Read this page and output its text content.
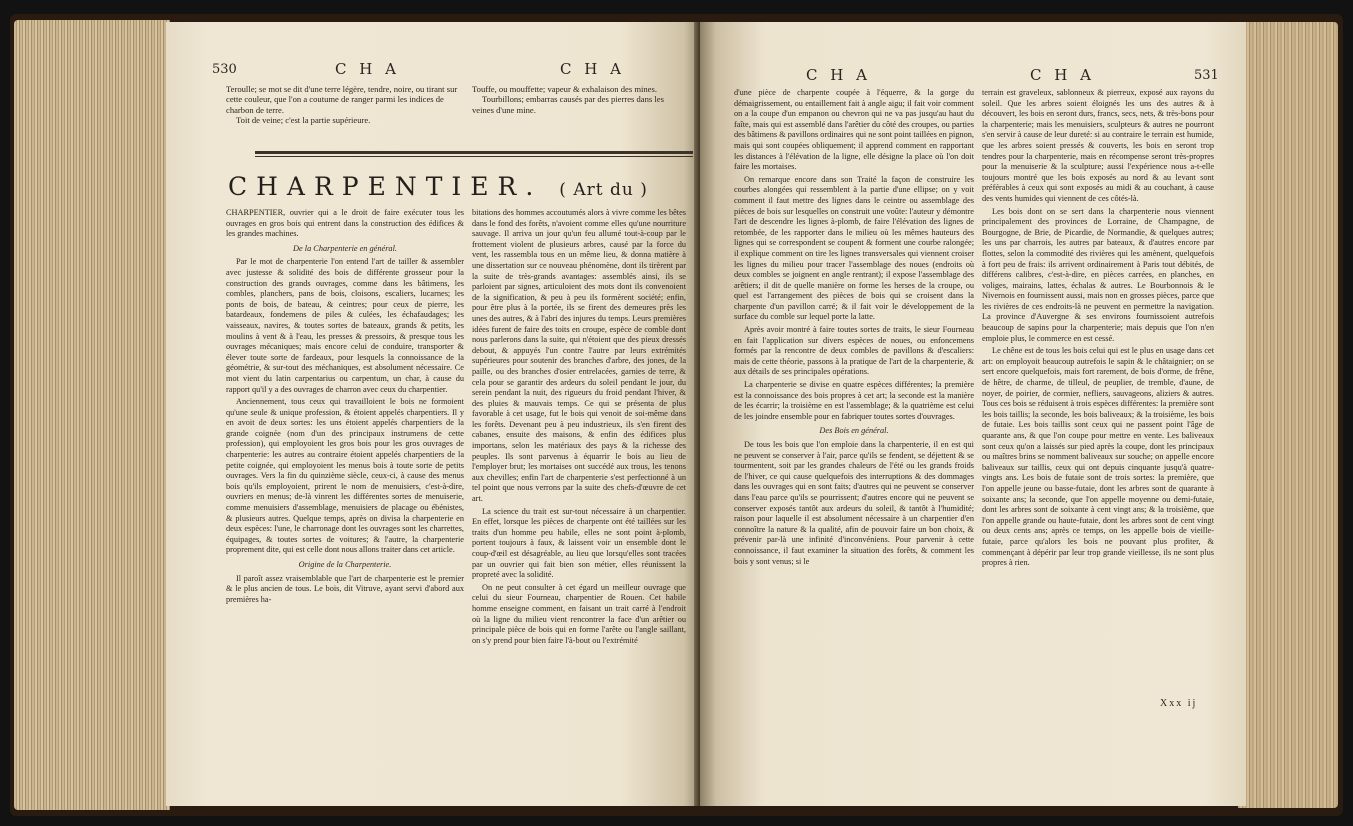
530	C H A	C H A

Teroulle; se mot se dit d'une terre légère, tendre, noire, ou tirant sur cette couleur, que l'on a coutume de ranger parmi les indices de charbon de terre.

Toit de veine; c'est la partie supérieure.

Touffe, ou mouffette; vapeur & exhalaison des mines.

Tourbillons; embarras causés par des pierres dans les veines d'une mine.

CHARPENTIER. ( Art du )

CHARPENTIER, ouvrier qui a le droit de faire exécuter tous les ouvrages en gros bois qui entrent dans la construction des édifices & les grandes machines.

De la Charpenterie en général.

Par le mot de charpenterie l'on entend l'art de tailler & assembler avec justesse & solidité des bois de différente grosseur pour la construction des grands ouvrages, comme dans les bâtimens, les combles, planchers, pans de bois, cloisons, escaliers, lucarnes; les ponts de bois, de bateau, & ceintres; pour ceux de pierre, les batardeaux, fondemens de piles & culées, les échafaudages; les vaisseaux, navires, & toutes sortes de bateaux, grands & petits, les moulins à vent & à l'eau, les presses & pressoirs, & presque tous les ouvrages mécaniques; mais encore celui de conduire, transporter & élever toute sorte de fardeaux, pour lesquels la connoissance de la géométrie, & sur-tout des méchaniques, est absolument nécessaire. Ce mot vient du latin carpentarius ou carpentum, un char, à cause du rapport qu'il y a des ouvrages de charron avec ceux du charpentier.

Anciennement, tous ceux qui travailloient le bois ne formoient qu'une seule & unique profession, & étoient appelés charpentiers. Il y en avoit de deux sortes: les uns étoient appelés charpentiers de la grande coignée (nom d'un des principaux instrumens de cette profession), qui employoient les gros bois pour les gros ouvrages de charpenterie: les autres au contraire étoient appelés charpentiers de la petite coignée, qui employoient les menus bois à toute sorte de petits ouvrages. Vers la fin du quinzième siècle, ceux-ci, à cause des menus bois qu'ils employoient, prirent le nom de menuisiers, c'est-à-dire, ouvriers en menus; de-là vinrent les différentes sortes de menuiserie, comme menuisiers d'assemblage, menuisiers de placage ou ébénistes, & plusieurs autres. Quelque temps, après on divisa la charpenterie en deux espèces: l'une, le charronage dont les ouvrages sont les charrettes, équipages, & toutes sortes de voitures; & l'autre, la charpenterie proprement dite, qui est celle dont nous allons traiter dans cet article.

Origine de la Charpenterie.

Il paroît assez vraisemblable que l'art de charpenterie est le premier & le plus ancien de tous. Le bois, dit Vitruve, ayant servi d'abord aux premières ha-

bitations des hommes accoutumés alors à vivre comme les bêtes dans le fond des forêts, n'avoient comme elles qu'une nourriture sauvage. Il arriva un jour qu'un feu allumé tout-à-coup par le frottement violent de plusieurs arbres, causé par la force du vent, les rassembla tous en un même lieu, & donna matière à une dissertation sur ce nouveau phénomène, dont ils tirèrent par la suite de très-grands avantages: assemblés ainsi, ils se parloient par signes, articuloient des mots dont ils convenoient de la signification, & peu à peu ils formèrent société; enfin, pour être plus à la portée, ils se firent des demeures près les unes des autres, & à l'abri des injures du temps. Leurs premières idées furent de faire des toits en croupe, espèce de comble dont nous parlerons dans la suite, qui n'étoient que des pieux dressés debout, & appuyés l'un contre l'autre par leurs extrémités supérieures pour soutenir des branches d'arbre, des jones, de la paille, ou des branches d'osier entrelacées, garnies de terre, & cela pour se garantir des ardeurs du soleil pendant le jour, du serein pendant la nuit, des rigueurs du froid pendant l'hiver, & des pluies & mauvais temps. Ce qui se présenta de plus favorable à cet usage, fut le bois qui venoit de soi-même dans les forêts. Devenant peu à peu industrieux, ils s'en firent des cabanes, ensuite des maisons, & enfin des édifices plus importans, selon les matériaux des pays & la richesse des peuples. Ils sont parvenus à équarrir le bois au lieu de l'employer brut; les mortaises ont succédé aux trous, les tenons aux chevilles; enfin l'art de charpenterie s'est perfectionné à un tel point que nous verrons par la suite des chefs-d'œuvre de cet art.

La science du trait est sur-tout nécessaire à un charpentier. En effet, lorsque les pièces de charpente ont été taillées sur les traits d'un homme peu habile, elles ne sont point à-plomb, portent toujours à faux, & laissent voir un ensemble dont le coup-d'œil est désagréable, au lieu que lorsqu'elles sont tracées par un ouvrier qui fait bien son métier, elles réunissent la propreté avec la solidité.

On ne peut consulter à cet égard un meilleur ouvrage que celui du sieur Fourneau, charpentier de Rouen. Cet habile homme enseigne comment, en faisant un trait carré à l'endroit où la ligne du milieu vient rencontrer la face d'un arêtier ou principale pièce de bois qui en forme l'arête ou l'angle saillant, on s'y prend pour bien faire l'à-bout ou l'extrémité

C H A	C H A	531

d'une pièce de charpente coupée à l'équerre, & la gorge du démaigrissement, ou entaillement fait à angle aigu; il fait voir comment on a la coupe d'un empanon ou chevron qui ne va pas jusqu'au haut du faîte, mais qui est assemblé dans l'arêtier du côté des croupes, ou parties des bâtimens & pavillons ordinaires qui ne sont point taillées en pignon, mais qui sont coupées obliquement; il apprend comment en rapportant les distances à l'élévation de la ligne, elle désigne la place où l'on doit faire les mortaises.

On remarque encore dans son Traité la façon de construire les courbes alongées qui ressemblent à la partie d'une ellipse; on y voit comment il faut mettre des lignes dans le ceintre ou assemblage des pièces de bois sur lesquelles on construit une voûte: l'auteur y démontre l'art de descendre les lignes à-plomb, de faire l'élévation des lignes de retombée, de les rapporter dans le milieu où les mêmes hauteurs des lignes qui se correspondent se coupent & forment une courbe ralongée; il explique comment on tire les lignes transversales qui viennent croiser les lignes du milieu pour tracer l'assemblage des noues (endroits où deux combles se joignent en angle rentrant); il expose l'assemblage des arêtiers; il dit de quelle manière on forme les herses de la croupe, ou quel est l'arrangement des pièces de bois qui se croisent dans la charpente d'un pavillon carré; & il fait voir le développement de la surface du comble sur lequel porte la latte.

Après avoir montré à faire toutes sortes de traits, le sieur Fourneau en fait l'application sur divers espèces de noues, ou enfoncemens formés par la rencontre de deux combles de pavillons & d'escaliers: mais de cette théorie, passons à la pratique de l'art de la charpenterie, & aux détails de ses principales opérations.

La charpenterie se divise en quatre espèces différentes; la première est la connoissance des bois propres à cet art; la seconde est la manière de les écarrir; la troisième en est l'assemblage; & la quatrième est celui de les joindre ensemble pour en fabriquer toutes sortes d'ouvrages.

Des Bois en général.

De tous les bois que l'on emploie dans la charpenterie, il en est qui ne peuvent se conserver à l'air, parce qu'ils se fendent, se déjettent & se tourmentent, soit par les grandes chaleurs de l'été ou les grands froids de l'hiver, ce qui cause quelquefois des interruptions & des dommages dans les ouvrages qui en sont faits; d'autres qui ne peuvent se conserver dans l'eau parce qu'ils se pourrissent; d'autres encore qui ne peuvent se conserver exposés tantôt aux ardeurs du soleil, & tantôt à l'humidité; raison pour laquelle il est absolument nécessaire à un charpentier d'en connoître la nature & la qualité, afin de pouvoir faire un bon choix, & prévenir par-là une infinité d'inconvéniens. Pour parvenir à cette connoissance, il faut examiner la situation des forêts, & comment les bois y sont venus; si le

terrain est graveleux, sablonneux & pierreux, exposé aux rayons du soleil. Que les arbres soient éloignés les uns des autres & à découvert, les bois en seront durs, francs, secs, nets, & très-bons pour la charpenterie; mais les menuisiers, sculpteurs & autres ne pourront s'en servir à cause de leur dureté: si au contraire le terrain est humide, que les arbres soient pressés & couverts, les bois en seront trop tendres pour la charpenterie, mais en récompense seront très-propres pour la menuiserie & la sculpture; aussi l'expérience nous a-t-elle toujours montré que les bois exposés au nord & au levant sont préférables à ceux qui sont exposés au midi & au couchant, à cause des vents humides qui viennent de ces côtés-là.

Les bois dont on se sert dans la charpenterie nous viennent principalement des provinces de Lorraine, de Champagne, de Bourgogne, de Brie, de Picardie, de Normandie, & quelques autres; les uns par charrois, les autres par bateaux, & d'autres encore par flottes, selon la commodité des rivières qui les amènent, quelquefois à fort peu de frais: ils arrivent ordinairement à Paris tout débités, de différens calibres, c'est-à-dire, en pièces carrées, en planches, en voliges, mairains, lattes, échalas & autres. Le Bourbonnois & le Nivernois en fournissent aussi, mais non en grosses pièces, parce que les rivières de ces endroits-là ne peuvent en permettre la navigation. La province d'Auvergne & ses environs fournissoient autrefois beaucoup de sapins pour la charpenterie; mais depuis que l'on n'en emploie plus, le commerce en est cessé.

Le chêne est de tous les bois celui qui est le plus en usage dans cet art: on employoit beaucoup autrefois le sapin & le châtaignier; on se sert encore quelquefois, mais fort rarement, de bois d'orme, de frêne, de hêtre, de charme, de tilleul, de peuplier, de tremble, d'aune, de noyer, de poirier, de cormier, nefliers, sauvageons, aliziers & autres. Tous ces bois se réduisent à trois espèces différentes: la première sont les bois taillis; la seconde, les bois baliveaux; & la troisième, les bois de futaie. Les bois taillis sont ceux qui ne passent point l'âge de quarante ans, & que l'on coupe pour mettre en vente. Les baliveaux sont ceux qu'on a laissés sur pied après la coupe, dont les principaux ou maîtres brins se nomment baliveaux sur souche; on appelle encore baliveaux sur taillis, ceux qui ont depuis cinquante jusqu'à quatre-vingts ans. Les bois de futaie sont de trois sortes: la première, que l'on appelle jeune ou basse-futaie, dont les arbres sont de quarante à soixante ans; la seconde, que l'on appelle moyenne ou demi-futaie, dont les arbres sont de soixante à cent vingt ans; & la troisième, que l'on appelle grande ou haute-futaie, dont les arbres sont de cent vingt ou deux cents ans; après ce temps, on les appelle bois de vieille-futaie, parce qu'alors les bois ne pouvant plus profiter, & commençant à dépérir par leur trop grande vieillesse, ils ne sont plus propres à rien.

Xxx ij
